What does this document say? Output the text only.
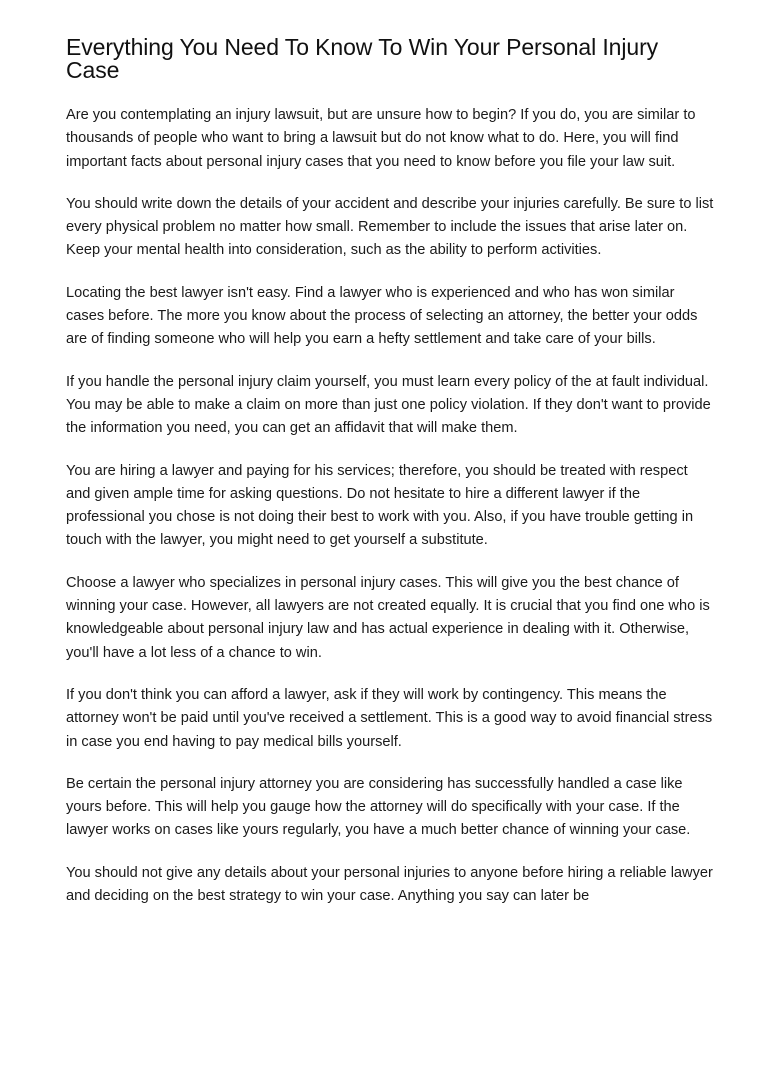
Everything You Need To Know To Win Your Personal Injury Case

Are you contemplating an injury lawsuit, but are unsure how to begin? If you do, you are similar to thousands of people who want to bring a lawsuit but do not know what to do. Here, you will find important facts about personal injury cases that you need to know before you file your law suit.

You should write down the details of your accident and describe your injuries carefully. Be sure to list every physical problem no matter how small. Remember to include the issues that arise later on. Keep your mental health into consideration, such as the ability to perform activities.

Locating the best lawyer isn't easy. Find a lawyer who is experienced and who has won similar cases before. The more you know about the process of selecting an attorney, the better your odds are of finding someone who will help you earn a hefty settlement and take care of your bills.

If you handle the personal injury claim yourself, you must learn every policy of the at fault individual. You may be able to make a claim on more than just one policy violation. If they don't want to provide the information you need, you can get an affidavit that will make them.

You are hiring a lawyer and paying for his services; therefore, you should be treated with respect and given ample time for asking questions. Do not hesitate to hire a different lawyer if the professional you chose is not doing their best to work with you. Also, if you have trouble getting in touch with the lawyer, you might need to get yourself a substitute.

Choose a lawyer who specializes in personal injury cases. This will give you the best chance of winning your case. However, all lawyers are not created equally. It is crucial that you find one who is knowledgeable about personal injury law and has actual experience in dealing with it. Otherwise, you'll have a lot less of a chance to win.

If you don't think you can afford a lawyer, ask if they will work by contingency. This means the attorney won't be paid until you've received a settlement. This is a good way to avoid financial stress in case you end having to pay medical bills yourself.

Be certain the personal injury attorney you are considering has successfully handled a case like yours before. This will help you gauge how the attorney will do specifically with your case. If the lawyer works on cases like yours regularly, you have a much better chance of winning your case.

You should not give any details about your personal injuries to anyone before hiring a reliable lawyer and deciding on the best strategy to win your case. Anything you say can later be
